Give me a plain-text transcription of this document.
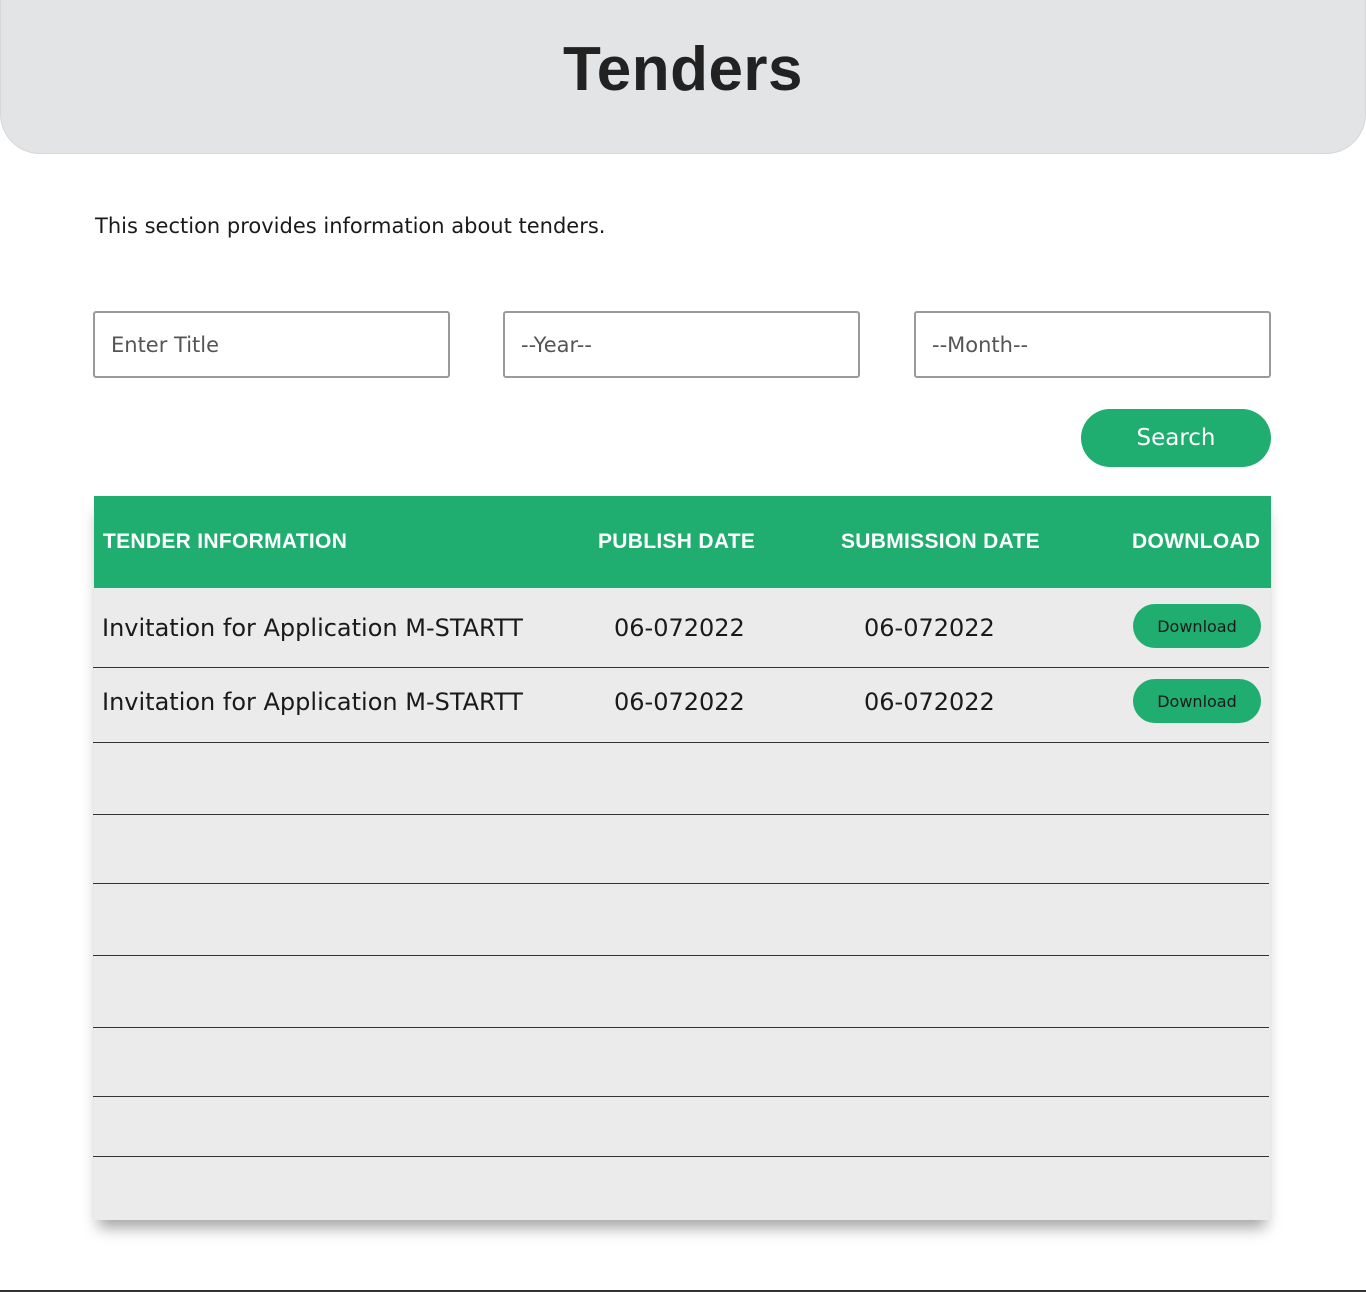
Tenders

This section provides information about tenders.

Enter Title
--Year--	--Month--
Search
TENDER INFORMATION	PUBLISH DATE	SUBMISSION DATE	DOWNLOAD
Invitation for Application M-STARTT	06-072022	06-072022	Download
Invitation for Application M-STARTT	06-072022	06-072022	Download
